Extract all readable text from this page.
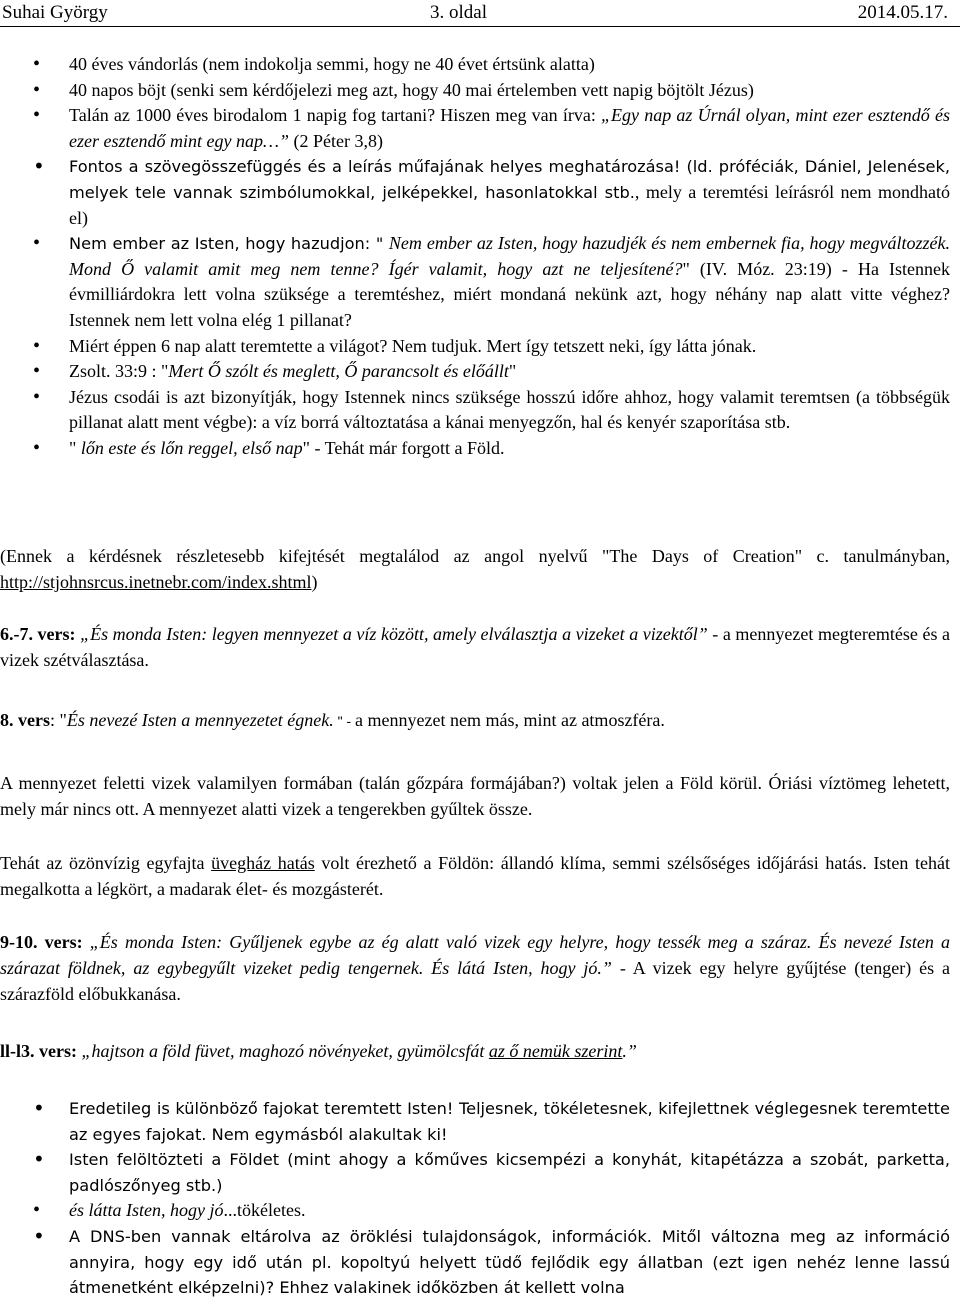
Suhai György	3. oldal	2014.05.17.
• 40 éves vándorlás (nem indokolja semmi, hogy ne 40 évet értsünk alatta)
• 40 napos böjt (senki sem kérdőjelezi meg azt, hogy 40 mai értelemben vett napig böjtölt Jézus)
• Talán az 1000 éves birodalom 1 napig fog tartani? Hiszen meg van írva: „Egy nap az Úrnál olyan, mint ezer esztendő és ezer esztendő mint egy nap…” (2 Péter 3,8)
• Fontos a szövegösszefüggés és a leírás műfajának helyes meghatározása! (ld. próféciák, Dániel, Jelenések, melyek tele vannak szimbólumokkal, jelképekkel, hasonlatokkal stb., mely a teremtési leírásról nem mondható el)
• Nem ember az Isten, hogy hazudjon: " Nem ember az Isten, hogy hazudjék és nem embernek fia, hogy megváltozzék. Mond Ő valamit amit meg nem tenne? Ígér valamit, hogy azt ne teljesítené?" (IV. Móz. 23:19) - Ha Istennek évmilliárdokra lett volna szüksége a teremtéshez, miért mondaná nekünk azt, hogy néhány nap alatt vitte véghez? Istennek nem lett volna elég 1 pillanat?
• Miért éppen 6 nap alatt teremtette a világot? Nem tudjuk. Mert így tetszett neki, így látta jónak.
• Zsolt. 33:9 : "Mert Ő szólt és meglett, Ő parancsolt és előállt"
• Jézus csodái is azt bizonyítják, hogy Istennek nincs szüksége hosszú időre ahhoz, hogy valamit teremtsen (a többségük pillanat alatt ment végbe): a víz borrá változtatása a kánai menyegzőn, hal és kenyér szaporítása stb.
• " lőn este és lőn reggel, első nap" - Tehát már forgott a Föld.

(Ennek a kérdésnek részletesebb kifejtését megtalálod az angol nyelvű "The Days of Creation" c. tanulmányban, http://stjohnsrcus.inetnebr.com/index.shtml)

6.-7. vers: „És monda Isten: legyen mennyezet a víz között, amely elválasztja a vizeket a vizektől” - a mennyezet megteremtése és a vizek szétválasztása.

8. vers: "És nevezé Isten a mennyezetet égnek. " - a mennyezet nem más, mint az atmoszféra.

A mennyezet feletti vizek valamilyen formában (talán gőzpára formájában?) voltak jelen a Föld körül. Óriási víztömeg lehetett, mely már nincs ott. A mennyezet alatti vizek a tengerekben gyűltek össze.

Tehát az özönvízig egyfajta üvegház hatás volt érezhető a Földön: állandó klíma, semmi szélsőséges időjárási hatás. Isten tehát megalkotta a légkört, a madarak élet- és mozgásterét.

9-10. vers: „És monda Isten: Gyűljenek egybe az ég alatt való vizek egy helyre, hogy tessék meg a száraz. És nevezé Isten a szárazat földnek, az egybegyűlt vizeket pedig tengernek. És látá Isten, hogy jó.” - A vizek egy helyre gyűjtése (tenger) és a szárazföld előbukkanása.

ll-l3. vers: „hajtson a föld füvet, maghozó növényeket, gyümölcsfát az ő nemük szerint.”

• Eredetileg is különböző fajokat teremtett Isten! Teljesnek, tökéletesnek, kifejlettnek véglegesnek teremtette az egyes fajokat. Nem egymásból alakultak ki!
• Isten felöltözteti a Földet (mint ahogy a kőműves kicsempézi a konyhát, kitapétázza a szobát, parketta, padlószőnyeg stb.)
• és látta Isten, hogy jó...tökéletes.
• A DNS-ben vannak eltárolva az öröklési tulajdonságok, információk. Mitől változna meg az információ annyira, hogy egy idő után pl. kopoltyú helyett tüdő fejlődik egy állatban (ezt igen nehéz lenne lassú átmenetként elképzelni)? Ehhez valakinek időközben át kellett volna
